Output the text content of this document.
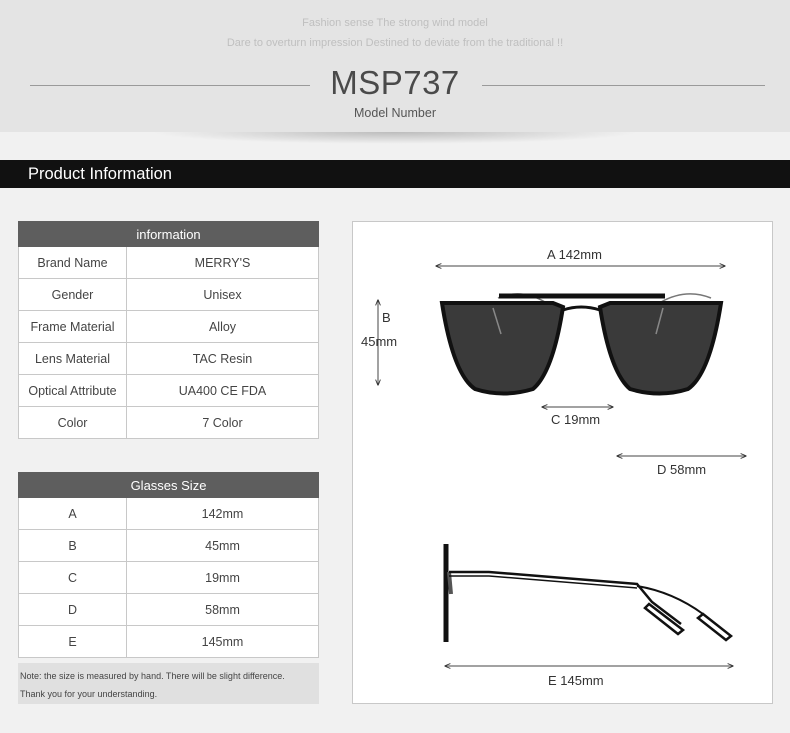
Fashion sense The strong wind model
Dare to overturn impression Destined to deviate from the traditional !!
MSP737
Model Number
Product Information
information	
Brand Name	MERRY'S
Gender	Unisex
Frame Material	Alloy
Lens Material	TAC Resin
Optical Attribute	UA400 CE FDA
Color	7 Color
Glasses Size	
A	142mm
B	45mm
C	19mm
D	58mm
E	145mm
Note: the size is measured by hand. There will be slight difference.
Thank you for your understanding.
A 142mm
B
45mm
C 19mm
D 58mm
E 145mm
